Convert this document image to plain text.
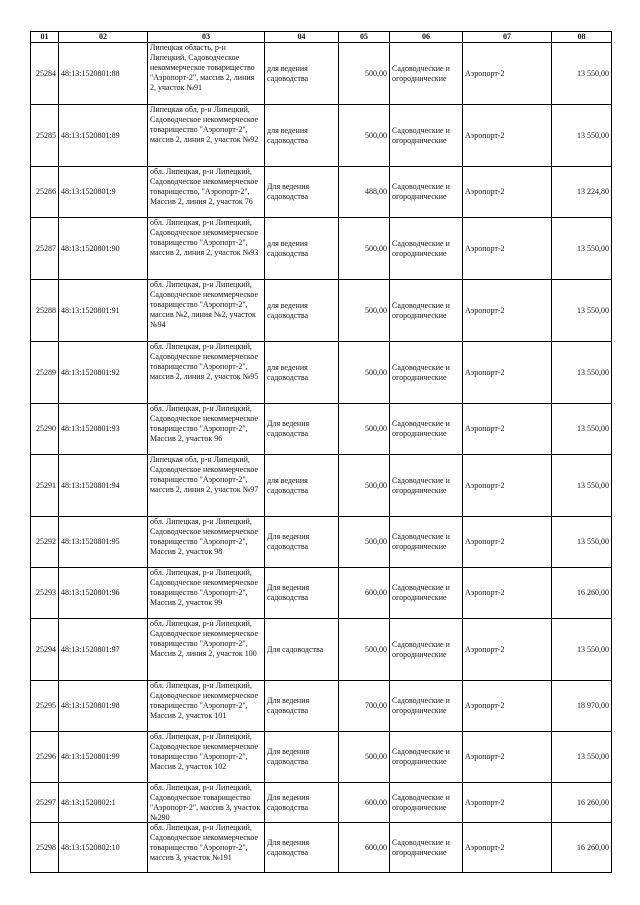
01	02	03	04	05	06	07	08
25284	48:13:1520801:88	Липецкая область, р-н Липецкий, Садоводческое некоммерческое товарищество "Аэропорт-2", массив 2, линия 2, участок №91	для ведения садоводства	500,00	Садоводческие и огороднические	Аэропорт-2	13 550,00
25285	48:13:1520801:89	Липецкая обл, р-н Липецкий, Садоводческое некоммерческое товарищество "Аэропорт-2", массив 2, линия 2, участок №92	для ведения садоводства	500,00	Садоводческие и огороднические	Аэропорт-2	13 550,00
25286	48:13:1520801:9	обл. Липецкая, р-н Липецкий, Садоводческое некоммерческое товарищество, "Аэропорт-2", Массив 2, линия 2, участок 76	Для ведения садоводства	488,00	Садоводческие и огороднические	Аэропорт-2	13 224,80
25287	48:13:1520801:90	обл. Липецкая, р-н Липецкий, Садоводческое некоммерческое товарищество "Аэропорт-2", массив 2, линия 2, участок №93	для ведения садоводства	500,00	Садоводческие и огороднические	Аэропорт-2	13 550,00
25288	48:13:1520801:91	обл. Липецкая, р-н Липецкий, Садоводческое некоммерческое товарищество "Аэропорт-2", массив №2, линия №2, участок №94	для ведения садоводства	500,00	Садоводческие и огороднические	Аэропорт-2	13 550,00
25289	48:13:1520801:92	обл. Липецкая, р-н Липецкий, Садоводческое некоммерческое товарищество "Аэропорт-2", массив 2, линия 2, участок №95	для ведения садоводства	500,00	Садоводческие и огороднические	Аэропорт-2	13 550,00
25290	48:13:1520801:93	обл. Липецкая, р-н Липецкий, Садоводческое некоммерческое товарищество "Аэропорт-2", Массив 2, участок 96	Для ведения садоводства	500,00	Садоводческие и огороднические	Аэропорт-2	13 550,00
25291	48:13:1520801:94	Липецкая обл, р-н Липецкий, Садоводческое некоммерческое товарищество "Аэропорт-2", массив 2, линия 2, участок №97	для ведения садоводства	500,00	Садоводческие и огороднические	Аэропорт-2	13 550,00
25292	48:13:1520801:95	обл. Липецкая, р-н Липецкий, Садоводческое некоммерческое товарищество "Аэропорт-2", Массив 2, участок 98	Для ведения садоводства	500,00	Садоводческие и огороднические	Аэропорт-2	13 550,00
25293	48:13:1520801:96	обл. Липецкая, р-н Липецкий, Садоводческое некоммерческое товарищество "Аэропорт-2", Массив 2, участок 99	Для ведения садоводства	600,00	Садоводческие и огороднические	Аэропорт-2	16 260,00
25294	48:13:1520801:97	обл. Липецкая, р-н Липецкий, Садоводческое некоммерческое товарищество "Аэропорт-2", Массив 2, линия 2, участок 100	Для садоводства	500,00	Садоводческие и огороднические	Аэропорт-2	13 550,00
25295	48:13:1520801:98	обл. Липецкая, р-н Липецкий, Садоводческое некоммерческое товарищество "Аэропорт-2", Массив 2, участок 101	Для ведения садоводства	700,00	Садоводческие и огороднические	Аэропорт-2	18 970,00
25296	48:13:1520801:99	обл. Липецкая, р-н Липецкий, Садоводческое некоммерческое товарищество "Аэропорт-2", Массив 2, участок 102	Для ведения садоводства	500,00	Садоводческие и огороднические	Аэропорт-2	13 550,00
25297	48:13:1520802:1	обл. Липецкая, р-н Липецкий, Садоводческое товарищество "Аэропорт-2", массив 3, участок №290	Для ведения садоводства	600,00	Садоводческие и огороднические	Аэропорт-2	16 260,00
25298	48:13:1520802:10	обл. Липецкая, р-н Липецкий, Садоводческое некоммерческое товарищество "Аэропорт-2", массив 3, участок №191	Для ведения садоводства	600,00	Садоводческие и огороднические	Аэропорт-2	16 260,00
